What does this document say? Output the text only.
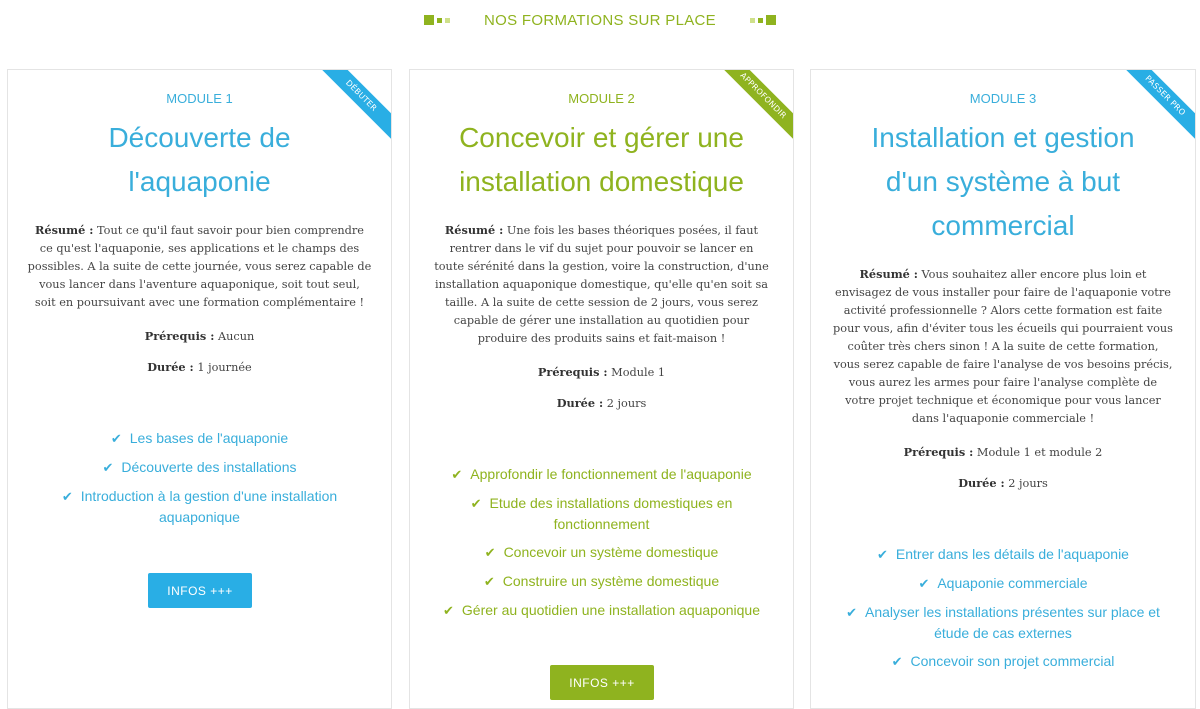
NOS FORMATIONS SUR PLACE
DÉBUTER
MODULE 1
Découverte de
l'aquaponie
Résumé : Tout ce qu'il faut savoir pour bien comprendre ce qu'est l'aquaponie, ses applications et le champs des possibles. A la suite de cette journée, vous serez capable de vous lancer dans l'aventure aquaponique, soit tout seul, soit en poursuivant avec une formation complémentaire !
Prérequis : Aucun
Durée : 1 journée
✔ Les bases de l'aquaponie
✔ Découverte des installations
✔ Introduction à la gestion d'une installation aquaponique
INFOS +++
APPROFONDIR
MODULE 2
Concevoir et gérer une
installation domestique
Résumé : Une fois les bases théoriques posées, il faut rentrer dans le vif du sujet pour pouvoir se lancer en toute sérénité dans la gestion, voire la construction, d'une installation aquaponique domestique, qu'elle qu'en soit sa taille. A la suite de cette session de 2 jours, vous serez capable de gérer une installation au quotidien pour produire des produits sains et fait-maison !
Prérequis : Module 1
Durée : 2 jours
✔ Approfondir le fonctionnement de l'aquaponie
✔ Etude des installations domestiques en fonctionnement
✔ Concevoir un système domestique
✔ Construire un système domestique
✔ Gérer au quotidien une installation aquaponique
INFOS +++
PASSER PRO
MODULE 3
Installation et gestion
d'un système à but
commercial
Résumé : Vous souhaitez aller encore plus loin et envisagez de vous installer pour faire de l'aquaponie votre activité professionnelle ? Alors cette formation est faite pour vous, afin d'éviter tous les écueils qui pourraient vous coûter très chers sinon ! A la suite de cette formation, vous serez capable de faire l'analyse de vos besoins précis, vous aurez les armes pour faire l'analyse complète de votre projet technique et économique pour vous lancer dans l'aquaponie commerciale !
Prérequis : Module 1 et module 2
Durée : 2 jours
✔ Entrer dans les détails de l'aquaponie
✔ Aquaponie commerciale
✔ Analyser les installations présentes sur place et étude de cas externes
✔ Concevoir son projet commercial
